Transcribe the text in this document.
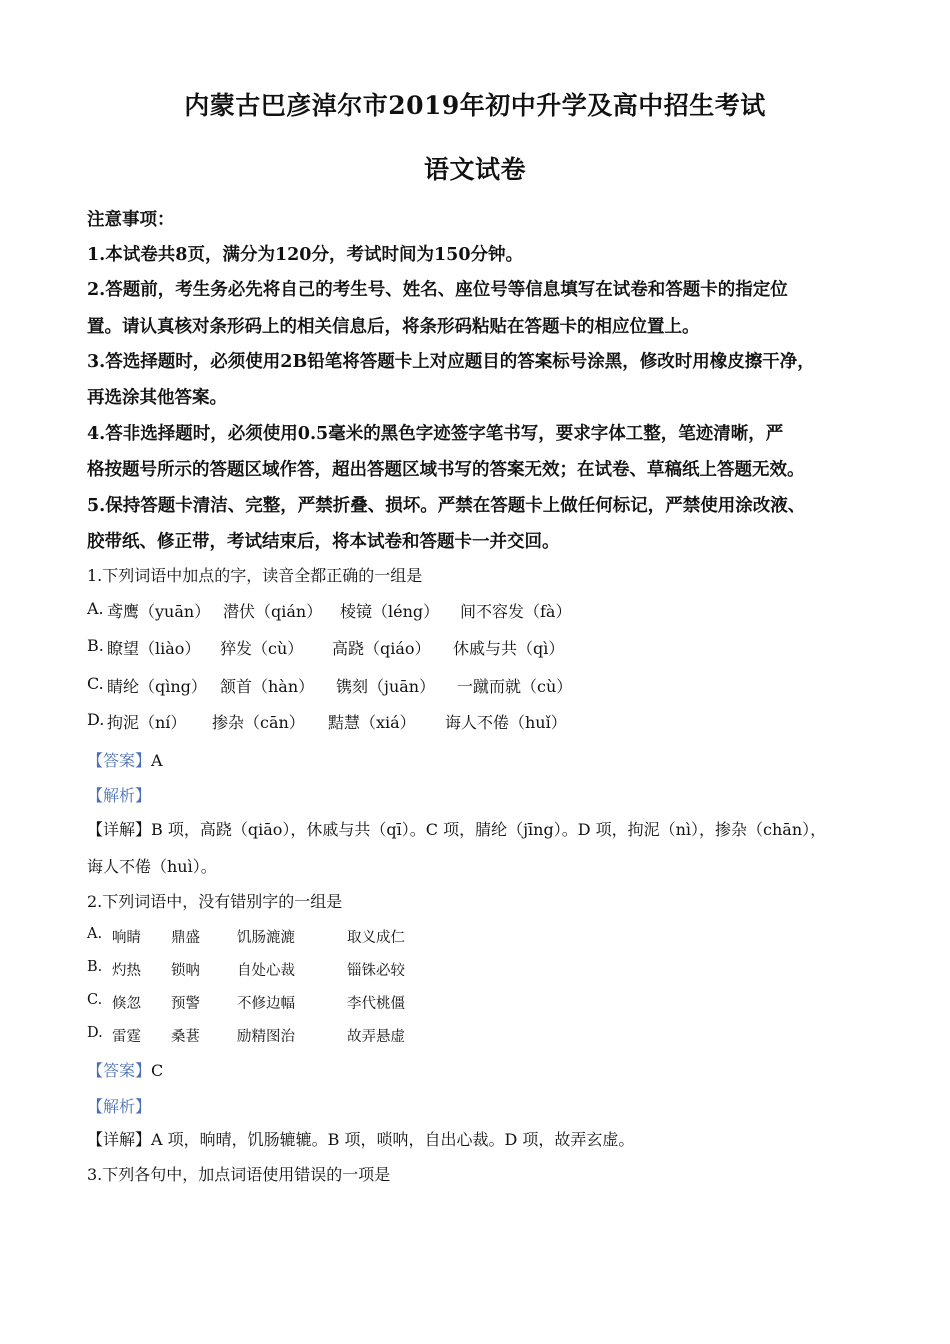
内蒙古巴彦淖尔市2019年初中升学及高中招生考试
语文试卷
注意事项：
1.本试卷共8页，满分为120分，考试时间为150分钟。
2.答题前，考生务必先将自己的考生号、姓名、座位号等信息填写在试卷和答题卡的指定位
置。请认真核对条形码上的相关信息后，将条形码粘贴在答题卡的相应位置上。
3.答选择题时，必须使用2B铅笔将答题卡上对应题目的答案标号涂黑，修改时用橡皮擦干净，
再选涂其他答案。
4.答非选择题时，必须使用0.5毫米的黑色字迹签字笔书写，要求字体工整，笔迹清晰，严
格按题号所示的答题区域作答，超出答题区域书写的答案无效；在试卷、草稿纸上答题无效。
5.保持答题卡清洁、完整，严禁折叠、损坏。严禁在答题卡上做任何标记，严禁使用涂改液、
胶带纸、修正带，考试结束后，将本试卷和答题卡一并交回。
1.下列词语中加点的字，读音全都正确的一组是
A. 鸢鹰（yuān） 潜伏（qián） 棱镜（léng） 间不容发（fà）
B. 瞭望（liào） 猝发（cù） 高跷（qiáo） 休戚与共（qì）
C. 睛纶（qìng） 颔首（hàn） 镌刻（juān） 一蹴而就（cù）
D. 拘泥（ní） 掺杂（cān） 黠慧（xiá） 诲人不倦（huǐ）
【答案】A
【解析】
【详解】B 项，高跷（qiāo），休戚与共（qī）。C 项，腈纶（jīng）。D 项，拘泥（nì），掺杂（chān），
诲人不倦（huì）。
2.下列词语中，没有错别字的一组是
A. 响睛 鼎盛	饥肠漉漉	取义成仁
B. 灼热 锁呐	自处心裁	锱铢必较
C. 倏忽 预警	不修边幅	李代桃僵
D. 雷霆 桑葚	励精图治	故弄悬虚
【答案】C
【解析】
【详解】A 项，晌晴，饥肠辘辘。B 项，唢呐，自出心裁。D 项，故弄玄虚。
3.下列各句中，加点词语使用错误的一项是
